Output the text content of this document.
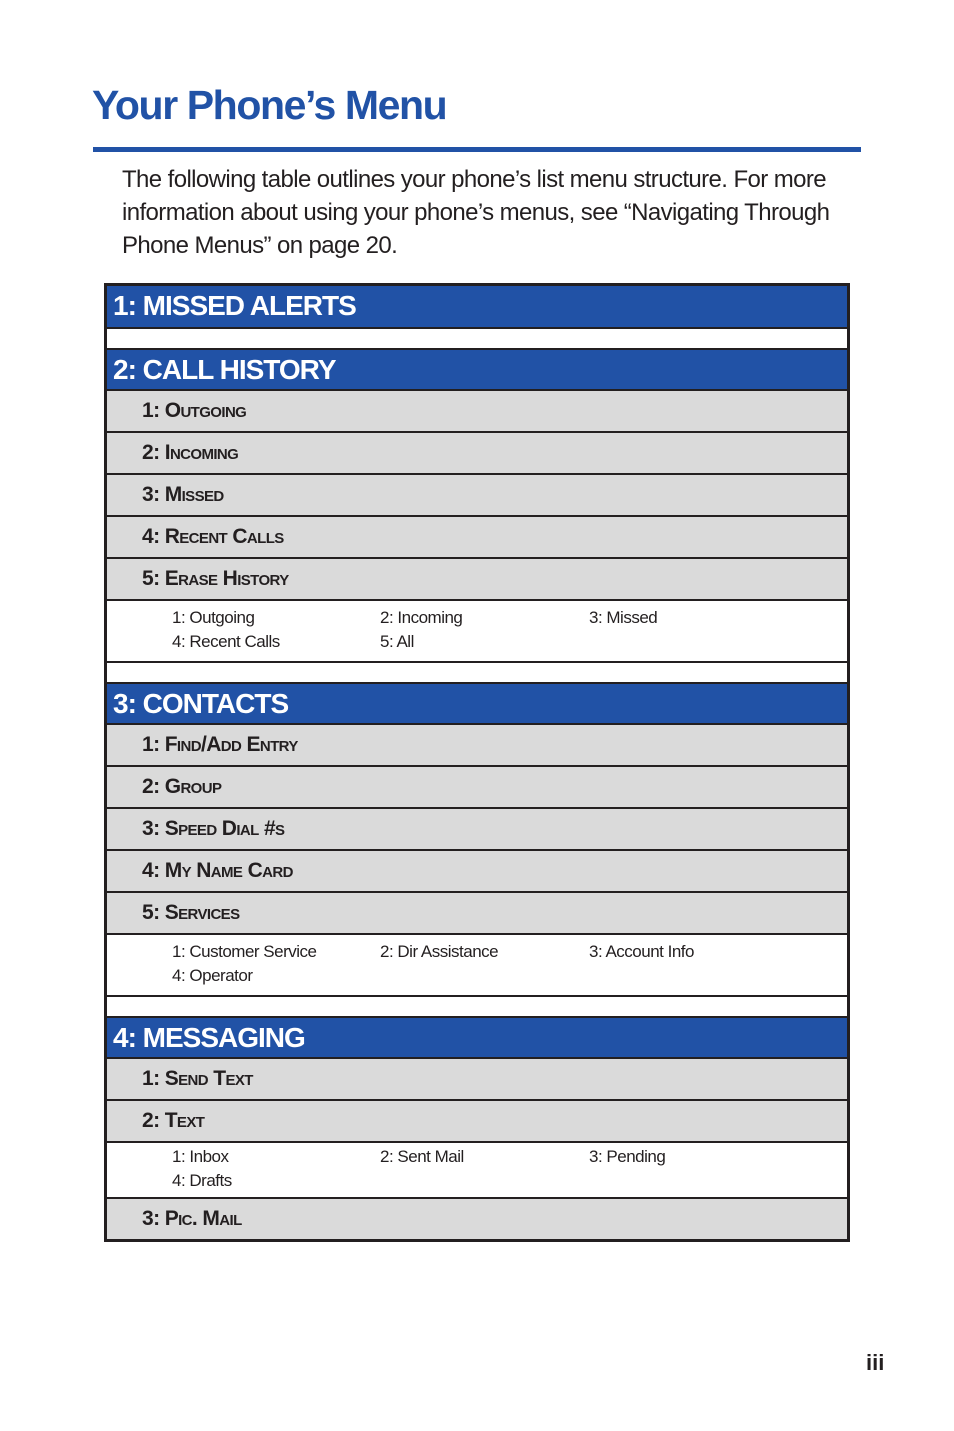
Your Phone’s Menu

The following table outlines your phone’s list menu structure. For more information about using your phone’s menus, see “Navigating Through Phone Menus” on page 20.

1: MISSED ALERTS
2: CALL HISTORY
1: Outgoing
2: Incoming
3: Missed
4: Recent Calls
5: Erase History
1: Outgoing	2: Incoming	3: Missed
4: Recent Calls	5: All
3: CONTACTS
1: Find/Add Entry
2: Group
3: Speed Dial #s
4: My Name Card
5: Services
1: Customer Service	2: Dir Assistance	3: Account Info
4: Operator
4: MESSAGING
1: Send Text
2: Text
1: Inbox	2: Sent Mail	3: Pending
4: Drafts
3: Pic. Mail
iii
